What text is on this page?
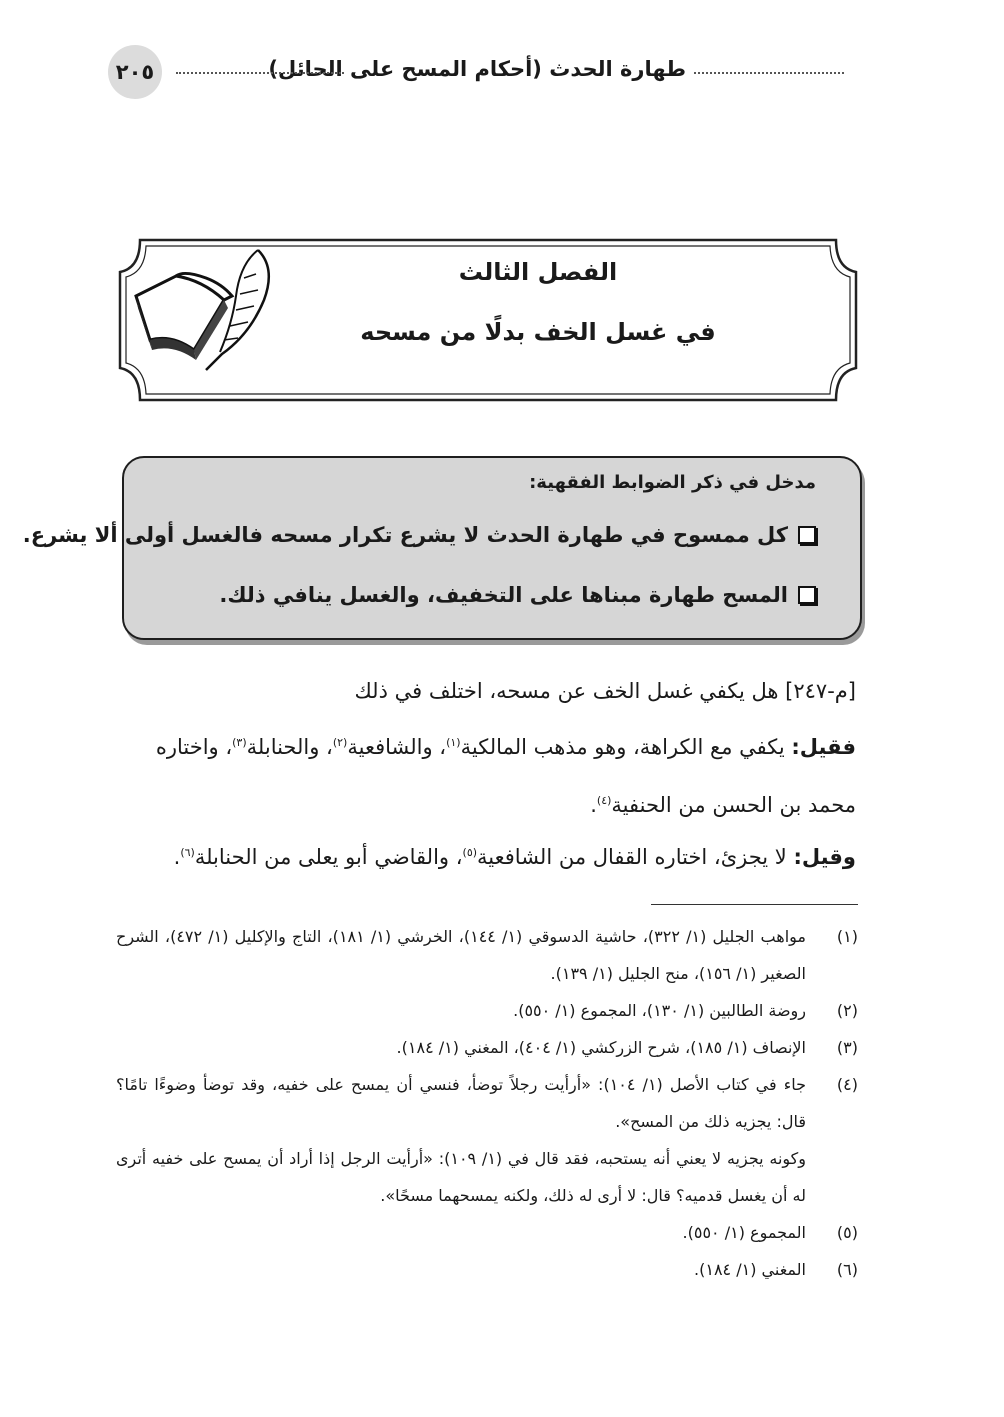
٢٠٥	طهارة الحدث (أحكام المسح على الحائل)
الفصل الثالث
في غسل الخف بدلًا من مسحه
مدخل في ذكر الضوابط الفقهية:
كل ممسوح في طهارة الحدث لا يشرع تكرار مسحه فالغسل أولى ألا يشرع.
المسح طهارة مبناها على التخفيف، والغسل ينافي ذلك.
[م-٢٤٧] هل يكفي غسل الخف عن مسحه، اختلف في ذلك
فقيل: يكفي مع الكراهة، وهو مذهب المالكية$^{(١)}$، والشافعية$^{(٢)}$، والحنابلة$^{(٣)}$، واختاره محمد بن الحسن من الحنفية$^{(٤)}$.
وقيل: لا يجزئ، اختاره القفال من الشافعية$^{(٥)}$، والقاضي أبو يعلى من الحنابلة$^{(٦)}$.
(١)
مواهب الجليل (١/ ٣٢٢)، حاشية الدسوقي (١/ ١٤٤)، الخرشي (١/ ١٨١)، التاج والإكليل (١/ ٤٧٢)، الشرح الصغير (١/ ١٥٦)، منح الجليل (١/ ١٣٩).
(٢)
روضة الطالبين (١/ ١٣٠)، المجموع (١/ ٥٥٠).
(٣)
الإنصاف (١/ ١٨٥)، شرح الزركشي (١/ ٤٠٤)، المغني (١/ ١٨٤).
(٤)
جاء في كتاب الأصل (١/ ١٠٤): «أرأيت رجلاً توضأ، فنسي أن يمسح على خفيه، وقد توضأ وضوءًا تامًا؟ قال: يجزيه ذلك من المسح».
وكونه يجزيه لا يعني أنه يستحبه، فقد قال في (١/ ١٠٩): «أرأيت الرجل إذا أراد أن يمسح على خفيه أترى له أن يغسل قدميه؟ قال: لا أرى له ذلك، ولكنه يمسحهما مسحًا».
(٥)
المجموع (١/ ٥٥٠).
(٦)
المغني (١/ ١٨٤).
